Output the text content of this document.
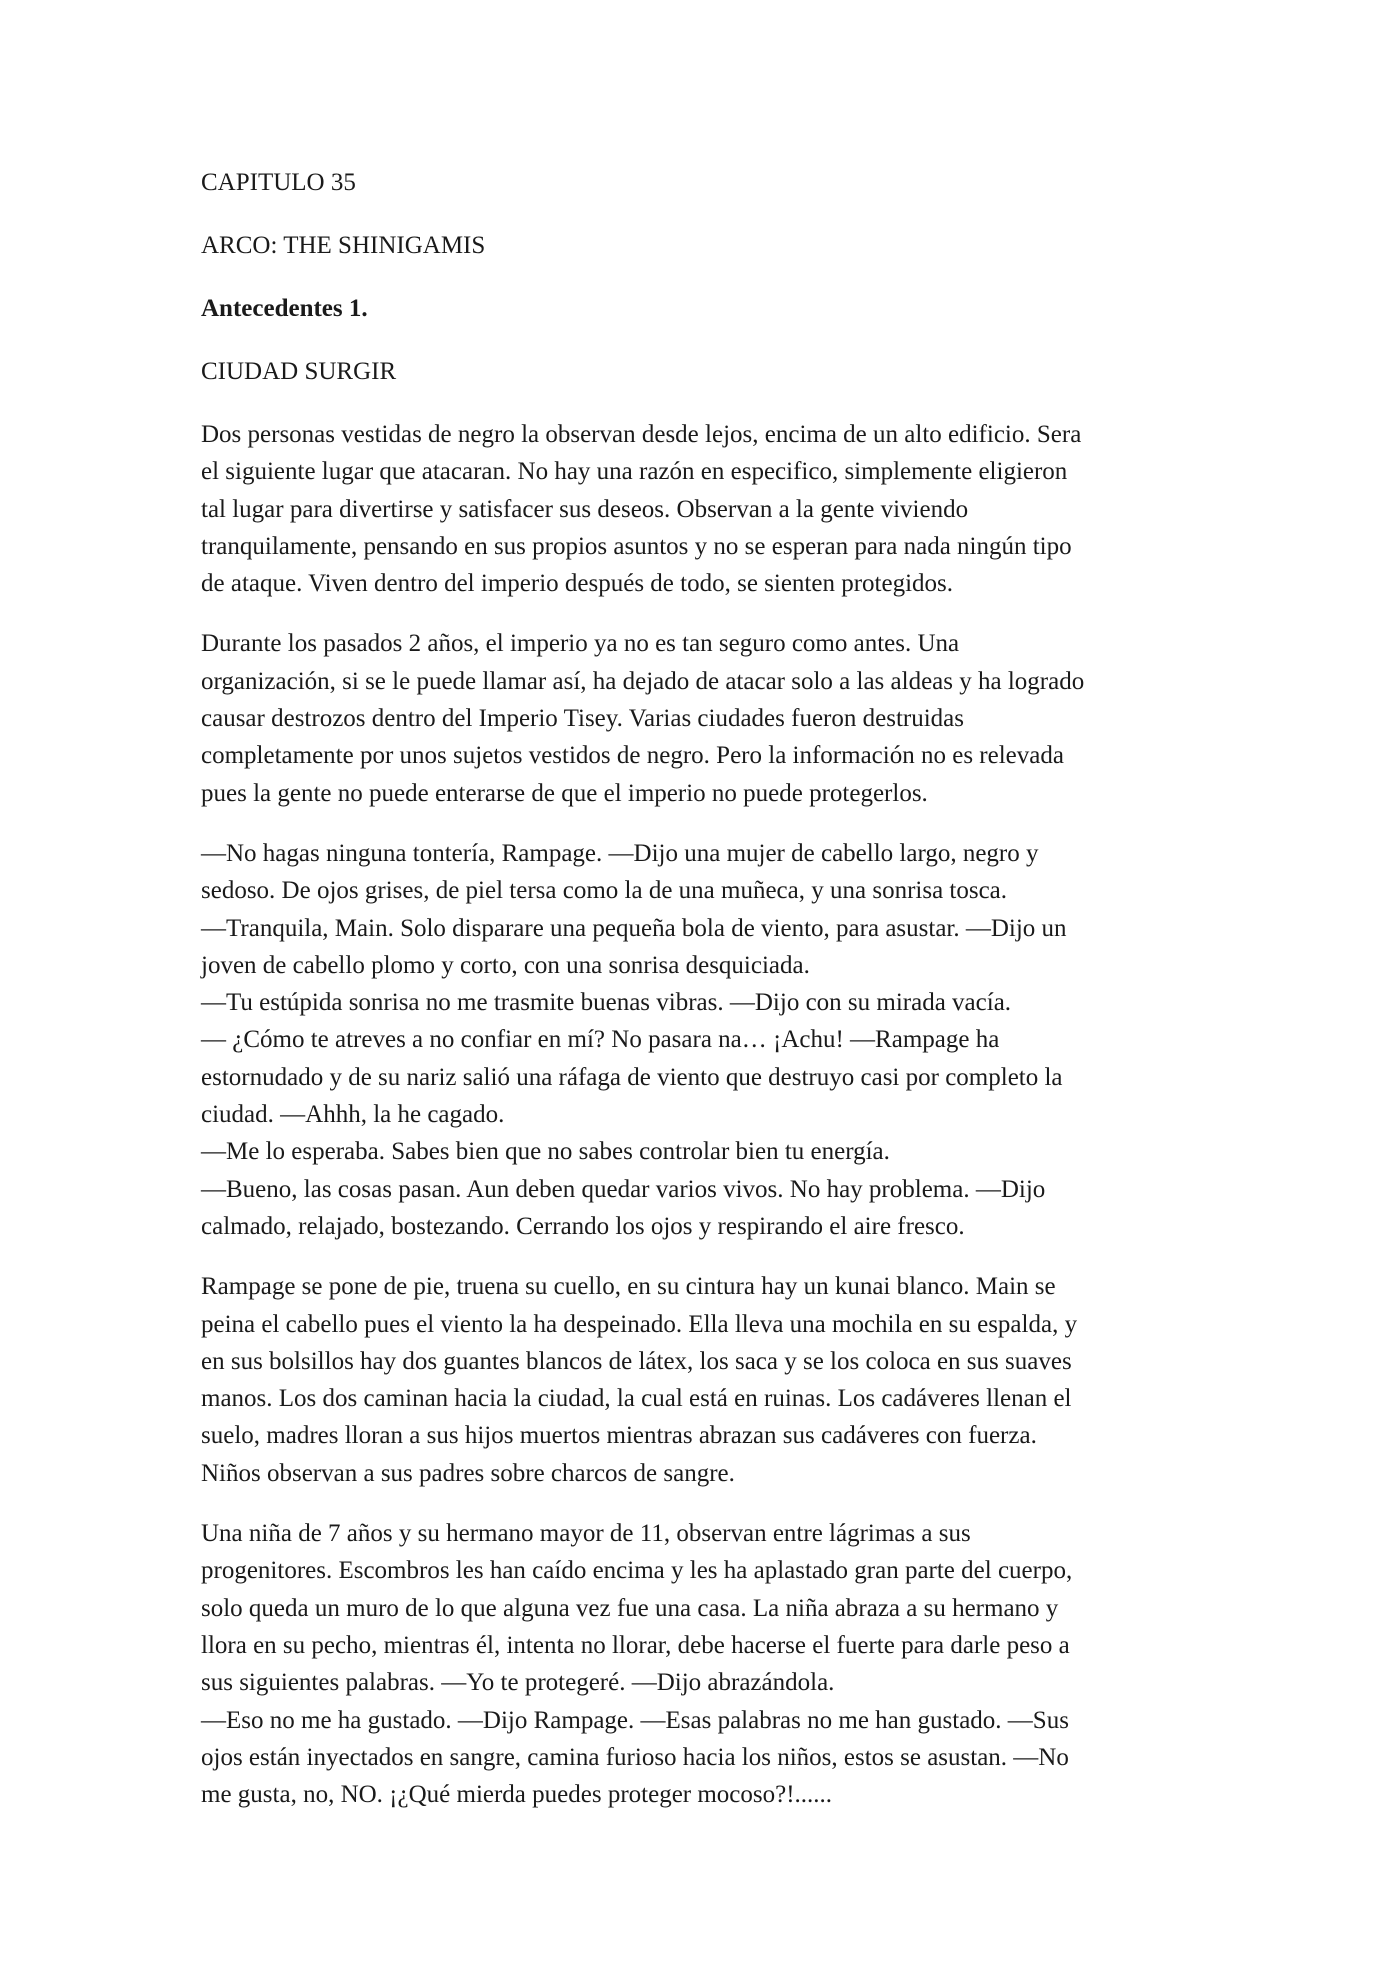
CAPITULO 35
ARCO: THE SHINIGAMIS
Antecedentes 1.
CIUDAD SURGIR
Dos personas vestidas de negro la observan desde lejos, encima de un alto edificio. Sera
el siguiente lugar que atacaran. No hay una razón en especifico, simplemente eligieron
tal lugar para divertirse y satisfacer sus deseos. Observan a la gente viviendo
tranquilamente, pensando en sus propios asuntos y no se esperan para nada ningún tipo
de ataque. Viven dentro del imperio después de todo, se sienten protegidos.
Durante los pasados 2 años, el imperio ya no es tan seguro como antes. Una
organización, si se le puede llamar así, ha dejado de atacar solo a las aldeas y ha logrado
causar destrozos dentro del Imperio Tisey. Varias ciudades fueron destruidas
completamente por unos sujetos vestidos de negro. Pero la información no es relevada
pues la gente no puede enterarse de que el imperio no puede protegerlos.
—No hagas ninguna tontería, Rampage. —Dijo una mujer de cabello largo, negro y
sedoso. De ojos grises, de piel tersa como la de una muñeca, y una sonrisa tosca.
—Tranquila, Main. Solo disparare una pequeña bola de viento, para asustar. —Dijo un
joven de cabello plomo y corto, con una sonrisa desquiciada.
—Tu estúpida sonrisa no me trasmite buenas vibras. —Dijo con su mirada vacía.
— ¿Cómo te atreves a no confiar en mí? No pasara na… ¡Achu! —Rampage ha
estornudado y de su nariz salió una ráfaga de viento que destruyo casi por completo la
ciudad. —Ahhh, la he cagado.
—Me lo esperaba. Sabes bien que no sabes controlar bien tu energía.
—Bueno, las cosas pasan. Aun deben quedar varios vivos. No hay problema. —Dijo
calmado, relajado, bostezando. Cerrando los ojos y respirando el aire fresco.
Rampage se pone de pie, truena su cuello, en su cintura hay un kunai blanco. Main se
peina el cabello pues el viento la ha despeinado. Ella lleva una mochila en su espalda, y
en sus bolsillos hay dos guantes blancos de látex, los saca y se los coloca en sus suaves
manos. Los dos caminan hacia la ciudad, la cual está en ruinas. Los cadáveres llenan el
suelo, madres lloran a sus hijos muertos mientras abrazan sus cadáveres con fuerza.
Niños observan a sus padres sobre charcos de sangre.
Una niña de 7 años y su hermano mayor de 11, observan entre lágrimas a sus
progenitores. Escombros les han caído encima y les ha aplastado gran parte del cuerpo,
solo queda un muro de lo que alguna vez fue una casa. La niña abraza a su hermano y
llora en su pecho, mientras él, intenta no llorar, debe hacerse el fuerte para darle peso a
sus siguientes palabras. —Yo te protegeré. —Dijo abrazándola.
—Eso no me ha gustado. —Dijo Rampage. —Esas palabras no me han gustado. —Sus
ojos están inyectados en sangre, camina furioso hacia los niños, estos se asustan. —No
me gusta, no, NO. ¡¿Qué mierda puedes proteger mocoso?!......
